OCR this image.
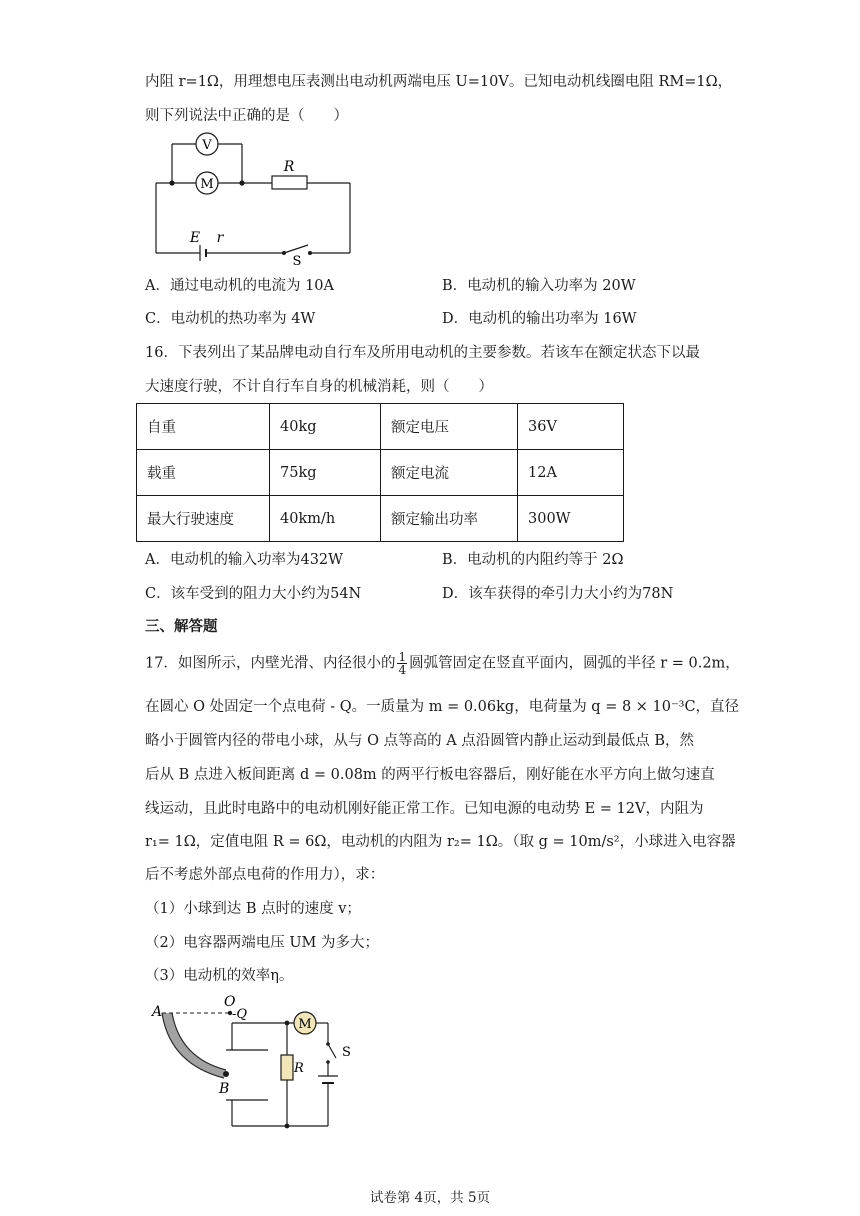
内阻 r=1Ω，用理想电压表测出电动机两端电压 U=10V。已知电动机线圈电阻 RM=1Ω，
则下列说法中正确的是（　　）
V
M
R
E r
S
A．通过电动机的电流为 10A	B．电动机的输入功率为 20W
C．电动机的热功率为 4W	D．电动机的输出功率为 16W
16．下表列出了某品牌电动自行车及所用电动机的主要参数。若该车在额定状态下以最
大速度行驶，不计自行车自身的机械消耗，则（　　）
自重	40kg	额定电压	36V
载重	75kg	额定电流	12A
最大行驶速度	40km/h	额定输出功率	300W
A．电动机的输入功率为432W	B．电动机的内阻约等于 2Ω
C．该车受到的阻力大小约为54N	D．该车获得的牵引力大小约为78N
三、解答题
17．如图所示，内壁光滑、内径很小的 $\frac{1}{4}$ 圆弧管固定在竖直平面内，圆弧的半径 r = 0.2m，
在圆心 O 处固定一个点电荷 - Q。一质量为 m = 0.06kg，电荷量为 q = 8 × 10⁻³C，直径
略小于圆管内径的带电小球，从与 O 点等高的 A 点沿圆管内静止运动到最低点 B，然
后从 B 点进入板间距离 d = 0.08m 的两平行板电容器后，刚好能在水平方向上做匀速直
线运动，且此时电路中的电动机刚好能正常工作。已知电源的电动势 E = 12V，内阻为
r₁= 1Ω，定值电阻 R = 6Ω，电动机的内阻为 r₂= 1Ω。（取 g = 10m/s²，小球进入电容器
后不考虑外部点电荷的作用力），求：
（1）小球到达 B 点时的速度 v；
（2）电容器两端电压 UM 为多大；
（3）电动机的效率η。
A
O
-Q
B
R
M
S
试卷第 4页，共 5页
